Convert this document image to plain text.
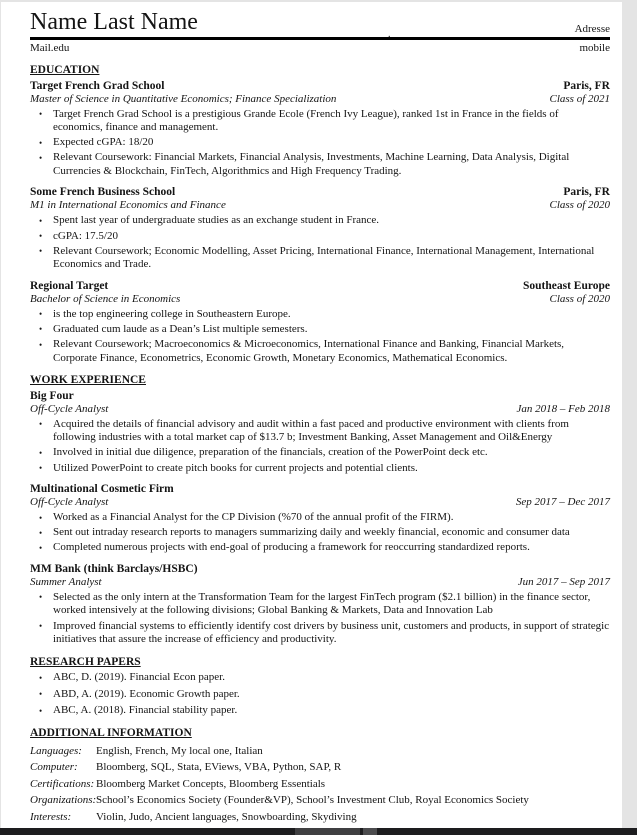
Name Last Name	.	Adresse
Mail.edu	mobile
EDUCATION
Target French Grad School	Paris, FR
Master of Science in Quantitative Economics; Finance Specialization	Class of 2021
• Target French Grad School is a prestigious Grande Ecole (French Ivy League), ranked 1st in France in the fields of economics, finance and management.
• Expected cGPA: 18/20
• Relevant Coursework: Financial Markets, Financial Analysis, Investments, Machine Learning, Data Analysis, Digital Currencies & Blockchain, FinTech, Algorithmics and High Frequency Trading.
Some French Business School	Paris, FR
M1 in International Economics and Finance	Class of 2020
• Spent last year of undergraduate studies as an exchange student in France.
• cGPA: 17.5/20
• Relevant Coursework; Economic Modelling, Asset Pricing, International Finance, International Management, International Economics and Trade.
Regional Target	Southeast Europe
Bachelor of Science in Economics	Class of 2020
• is the top engineering college in Southeastern Europe.
• Graduated cum laude as a Dean’s List multiple semesters.
• Relevant Coursework; Macroeconomics & Microeconomics, International Finance and Banking, Financial Markets, Corporate Finance, Econometrics, Economic Growth, Monetary Economics, Mathematical Economics.
WORK EXPERIENCE
Big Four
Off-Cycle Analyst	Jan 2018 – Feb 2018
• Acquired the details of financial advisory and audit within a fast paced and productive environment with clients from following industries with a total market cap of $13.7 b; Investment Banking, Asset Management and Oil&Energy
• Involved in initial due diligence, preparation of the financials, creation of the PowerPoint deck etc.
• Utilized PowerPoint to create pitch books for current projects and potential clients.
Multinational Cosmetic Firm
Off-Cycle Analyst	Sep 2017 – Dec 2017
• Worked as a Financial Analyst for the CP Division (%70 of the annual profit of the FIRM).
• Sent out intraday research reports to managers summarizing daily and weekly financial, economic and consumer data
• Completed numerous projects with end-goal of producing a framework for reoccurring standardized reports.
MM Bank (think Barclays/HSBC)
Summer Analyst	Jun 2017 – Sep 2017
• Selected as the only intern at the Transformation Team for the largest FinTech program ($2.1 billion) in the finance sector, worked intensively at the following divisions; Global Banking & Markets, Data and Innovation Lab
• Improved financial systems to efficiently identify cost drivers by business unit, customers and products, in support of strategic initiatives that assure the increase of efficiency and productivity.
RESEARCH PAPERS
• ABC, D. (2019). Financial Econ paper.
• ABD, A. (2019). Economic Growth paper.
• ABC, A. (2018). Financial stability paper.
ADDITIONAL INFORMATION
Languages:	English, French, My local one, Italian
Computer:	Bloomberg, SQL, Stata, EViews, VBA, Python, SAP, R
Certifications: Bloomberg Market Concepts, Bloomberg Essentials
Organizations: School’s Economics Society (Founder&VP), School’s Investment Club, Royal Economics Society
Interests:	Violin, Judo, Ancient languages, Snowboarding, Skydiving
